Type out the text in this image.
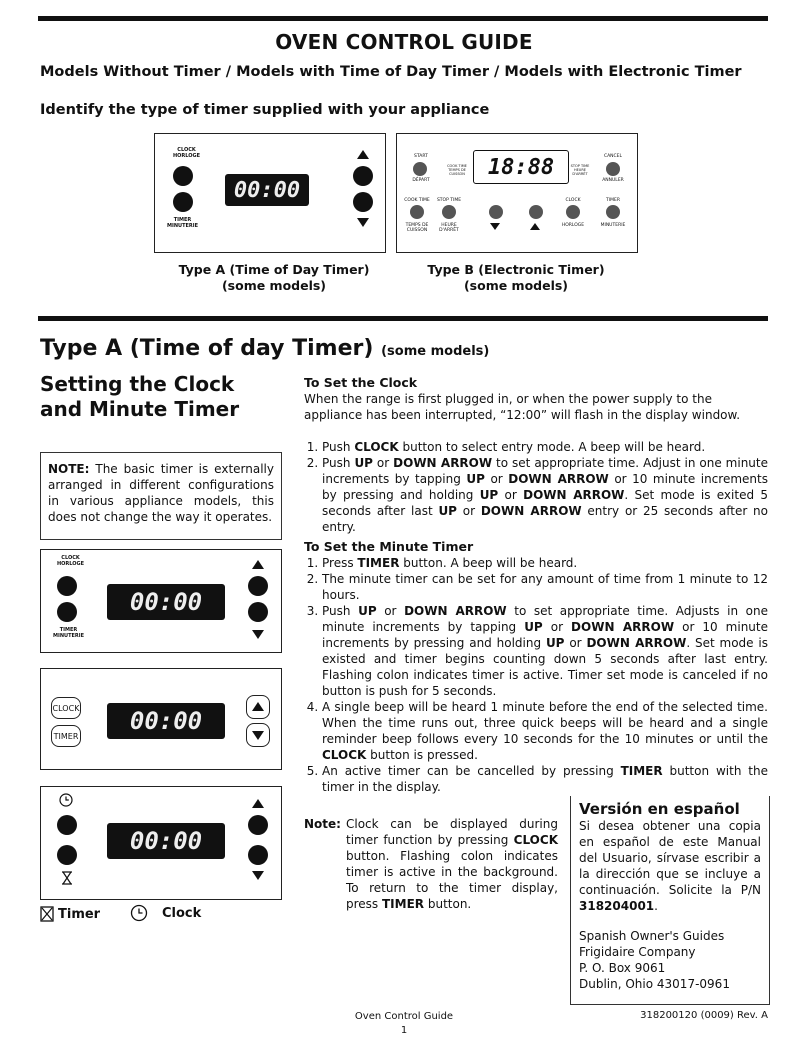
OVEN CONTROL GUIDE
Models Without Timer / Models with Time of Day Timer / Models with Electronic Timer
Identify the type of timer supplied with your appliance
CLOCK
HORLOGE
TIMER
MINUTERIE
00:00
Type A (Time of Day Timer)
(some models)
START
DÉPART
COOK TIME
TEMPS DE CUISSON 18:88	STOP TIME
HEURE D'ARRÊT
CANCEL
ANNULER
COOK TIME	STOP TIME
TEMPS DE CUISSON
HEURE D'ARRÊT
CLOCK
HORLOGE
TIMER
MINUTERIE
Type B (Electronic Timer)
(some models)
Type A (Time of day Timer) (some models)
Setting the Clock and Minute Timer

NOTE: The basic timer is externally arranged in different configurations in various appliance models, this does not change the way it operates.

CLOCK
HORLOGE
TIMER
MINUTERIE
00:00
CLOCK
TIMER
00:00
00:00
Timer	Clock
To Set the Clock

When the range is first plugged in, or when the power supply to the appliance has been interrupted, “12:00” will flash in the display window.

1. Push CLOCK button to select entry mode. A beep will be heard.
2. Push UP or DOWN ARROW to set appropriate time. Adjust in one minute increments by tapping UP or DOWN ARROW or 10 minute increments by pressing and holding UP or DOWN ARROW. Set mode is exited 5 seconds after last UP or DOWN ARROW entry or 25 seconds after no entry.
To Set the Minute Timer
1. Press TIMER button. A beep will be heard.
2. The minute timer can be set for any amount of time from 1 minute to 12 hours.
3. Push UP or DOWN ARROW to set appropriate time. Adjusts in one minute increments by tapping UP or DOWN ARROW or 10 minute increments by pressing and holding UP or DOWN ARROW. Set mode is existed and timer begins counting down 5 seconds after last entry. Flashing colon indicates timer is active. Timer set mode is canceled if no button is push for 5 seconds.
4. A single beep will be heard 1 minute before the end of the selected time. When the time runs out, three quick beeps will be heard and a single reminder beep follows every 10 seconds for the 10 minutes or until the CLOCK button is pressed.
5. An active timer can be cancelled by pressing TIMER button with the timer in the display.
Note: Clock can be displayed during timer function by pressing CLOCK button. Flashing colon indicates timer is active in the background. To return to the timer display, press TIMER button.
Versión en español

Si desea obtener una copia en español de este Manual del Usuario, sírvase escribir a la dirección que se incluye a continuación. Solicite la P/N 318204001.

Spanish Owner's Guides
Frigidaire Company
P. O. Box 9061
Dublin, Ohio 43017-0961

Oven Control Guide
1
318200120 (0009) Rev. A
